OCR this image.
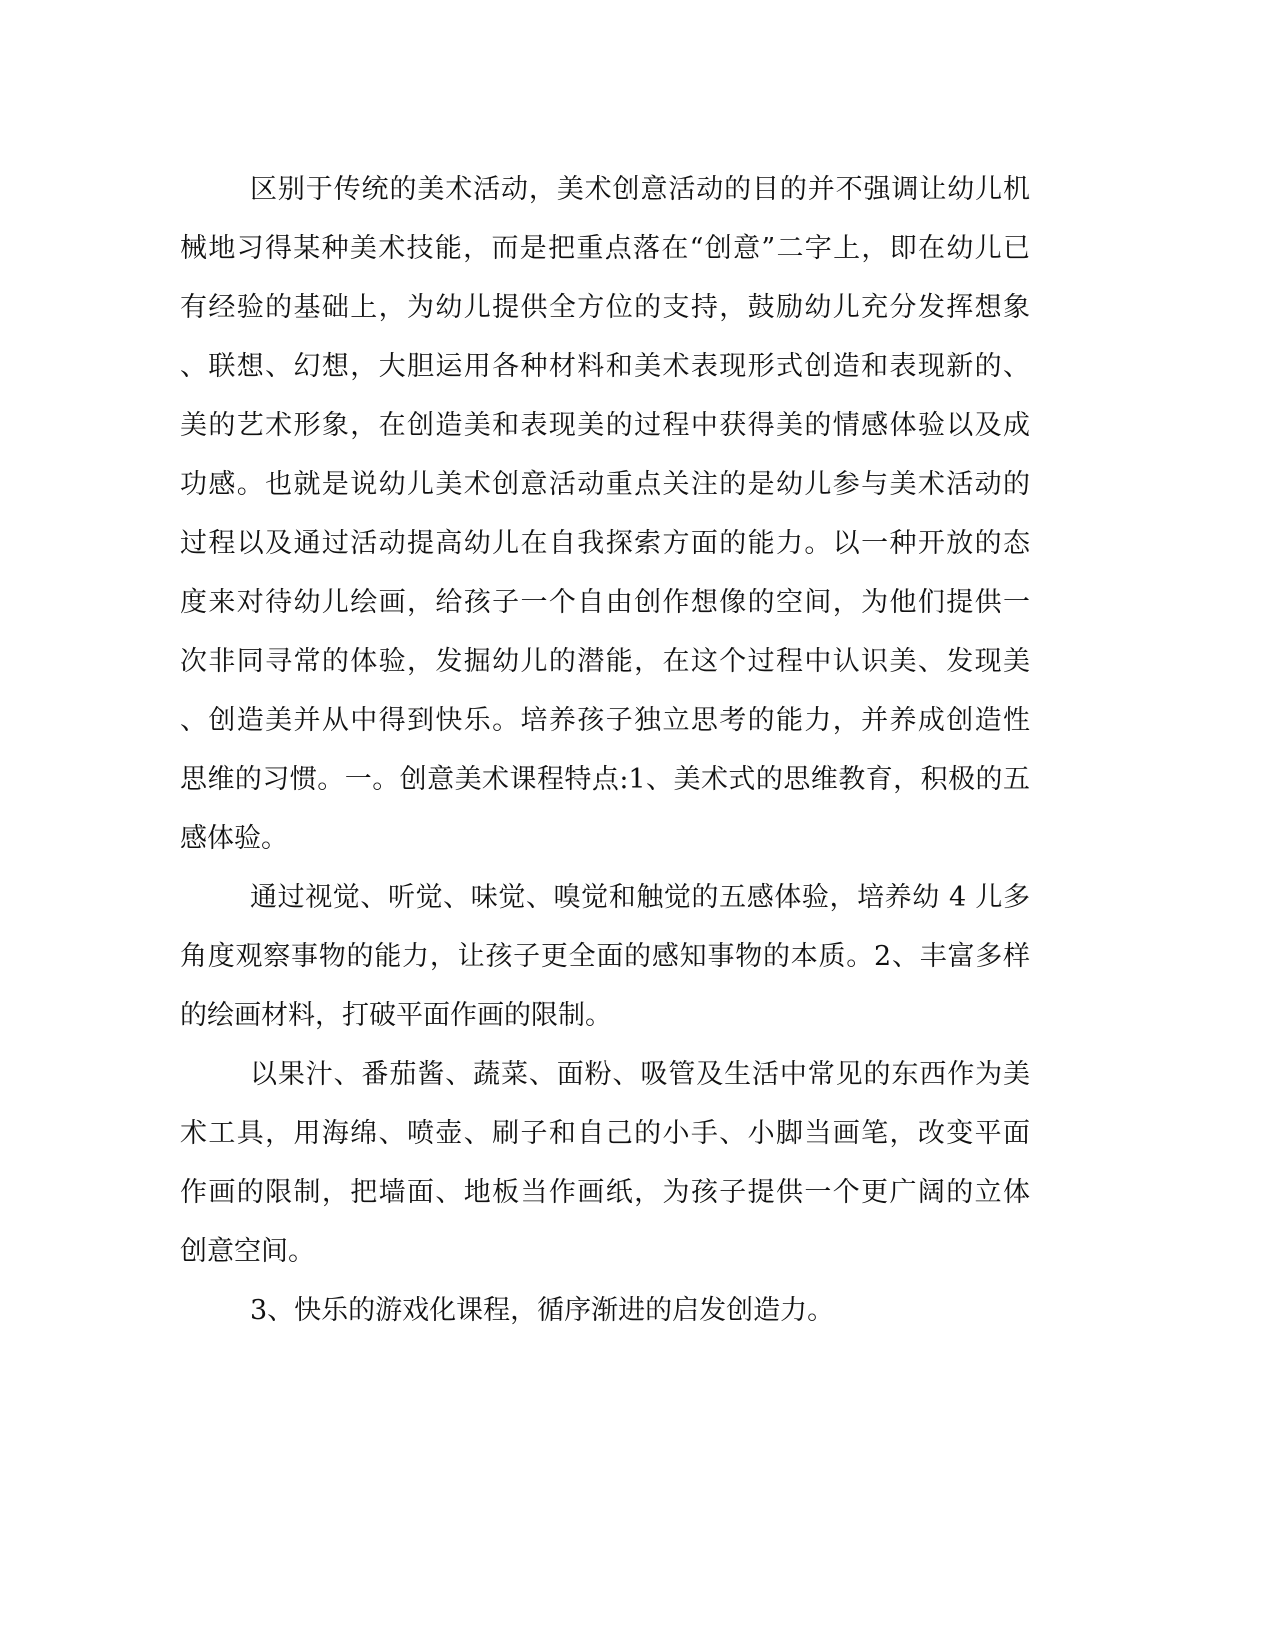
区别于传统的美术活动，美术创意活动的目的并不强调让幼儿机
械地习得某种美术技能，而是把重点落在“创意”二字上，即在幼儿已
有经验的基础上，为幼儿提供全方位的支持，鼓励幼儿充分发挥想象
、联想、幻想，大胆运用各种材料和美术表现形式创造和表现新的、
美的艺术形象，在创造美和表现美的过程中获得美的情感体验以及成
功感。也就是说幼儿美术创意活动重点关注的是幼儿参与美术活动的
过程以及通过活动提高幼儿在自我探索方面的能力。以一种开放的态
度来对待幼儿绘画，给孩子一个自由创作想像的空间，为他们提供一
次非同寻常的体验，发掘幼儿的潜能，在这个过程中认识美、发现美
、创造美并从中得到快乐。培养孩子独立思考的能力，并养成创造性
思维的习惯。一。创意美术课程特点:1、美术式的思维教育，积极的五
感体验。
通过视觉、听觉、味觉、嗅觉和触觉的五感体验，培养幼 4 儿多
角度观察事物的能力，让孩子更全面的感知事物的本质。2、丰富多样
的绘画材料，打破平面作画的限制。
以果汁、番茄酱、蔬菜、面粉、吸管及生活中常见的东西作为美
术工具，用海绵、喷壶、刷子和自己的小手、小脚当画笔，改变平面
作画的限制，把墙面、地板当作画纸，为孩子提供一个更广阔的立体
创意空间。
3、快乐的游戏化课程，循序渐进的启发创造力。
